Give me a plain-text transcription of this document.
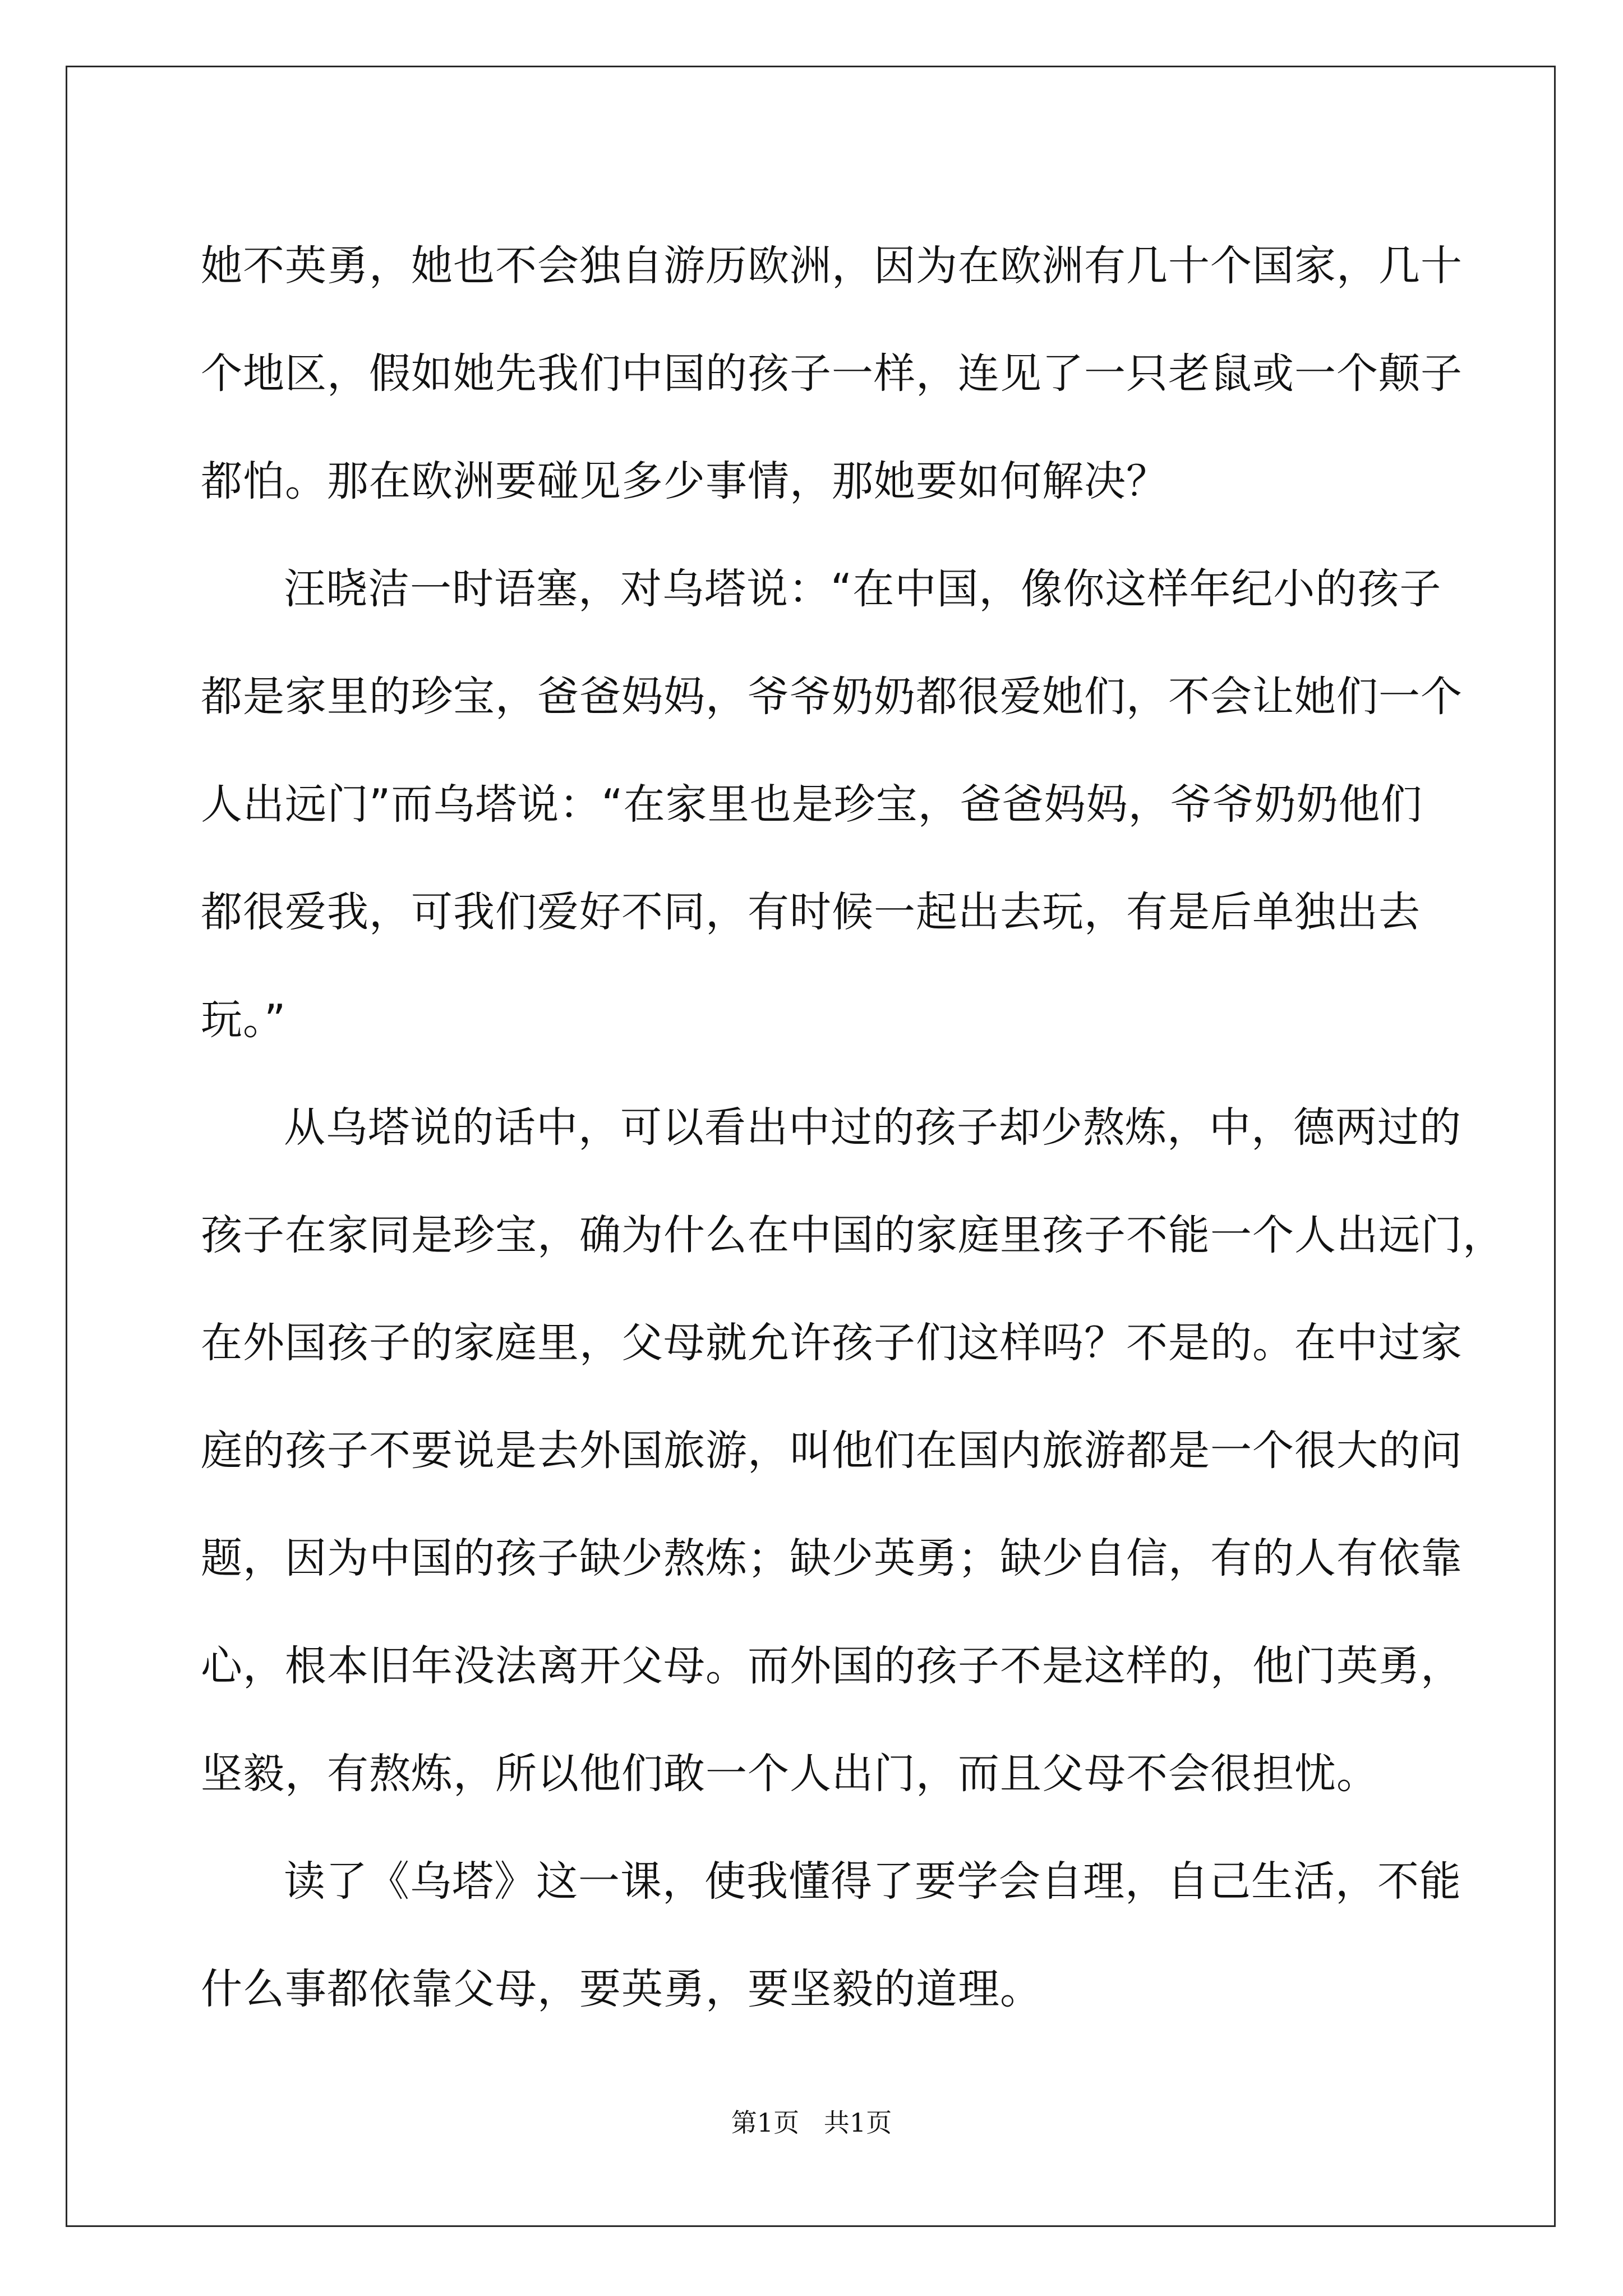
她不英勇，她也不会独自游历欧洲，因为在欧洲有几十个国家，几十
个地区，假如她先我们中国的孩子一样，连见了一只老鼠或一个颠子
都怕。那在欧洲要碰见多少事情，那她要如何解决？
汪晓洁一时语塞，对乌塔说：“在中国，像你这样年纪小的孩子
都是家里的珍宝，爸爸妈妈，爷爷奶奶都很爱她们，不会让她们一个
人出远门”而乌塔说：“在家里也是珍宝，爸爸妈妈，爷爷奶奶他们
都很爱我，可我们爱好不同，有时候一起出去玩，有是后单独出去
玩。”
从乌塔说的话中，可以看出中过的孩子却少熬炼，中，德两过的
孩子在家同是珍宝，确为什么在中国的家庭里孩子不能一个人出远门，
在外国孩子的家庭里，父母就允许孩子们这样吗？不是的。在中过家
庭的孩子不要说是去外国旅游，叫他们在国内旅游都是一个很大的问
题，因为中国的孩子缺少熬炼；缺少英勇；缺少自信，有的人有依靠
心，根本旧年没法离开父母。而外国的孩子不是这样的，他门英勇，
坚毅，有熬炼，所以他们敢一个人出门，而且父母不会很担忧。
读了《乌塔》这一课，使我懂得了要学会自理，自己生活，不能
什么事都依靠父母，要英勇，要坚毅的道理。
第1页   共1页
